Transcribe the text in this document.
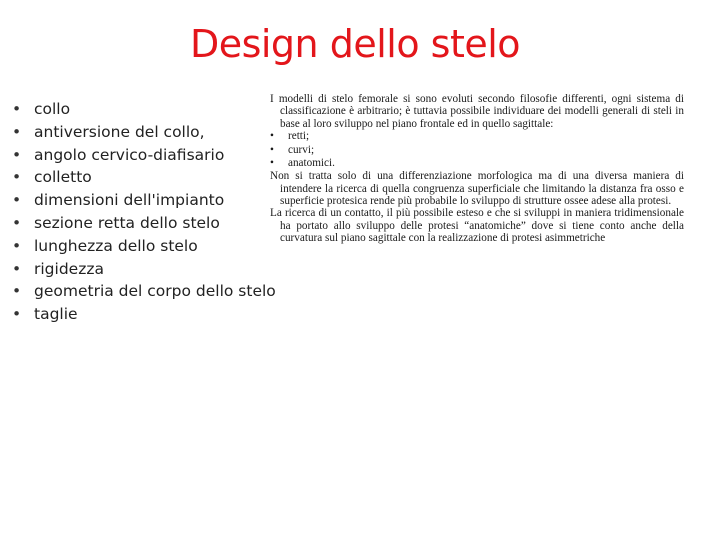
Design dello stelo
• collo
• antiversione del collo,
• angolo cervico-diafisario
• colletto
• dimensioni dell'impianto
• sezione retta dello stelo
• lunghezza dello stelo
• rigidezza
• geometria del corpo dello stelo
• taglie

I modelli di stelo femorale si sono evoluti secondo filosofie differenti, ogni sistema di classificazione è arbitrario; è tuttavia possibile individuare dei modelli generali di steli in base al loro sviluppo nel piano frontale ed in quello sagittale:

• retti;
• curvi;
• anatomici.

Non si tratta solo di una differenziazione morfologica ma di una diversa maniera di intendere la ricerca di quella congruenza superficiale che limitando la distanza fra osso e superficie protesica rende più probabile lo sviluppo di strutture ossee adese alla protesi.

La ricerca di un contatto, il più possibile esteso e che si sviluppi in maniera tridimensionale ha portato allo sviluppo delle protesi “anatomiche” dove si tiene conto anche della curvatura sul piano sagittale con la realizzazione di protesi asimmetriche
